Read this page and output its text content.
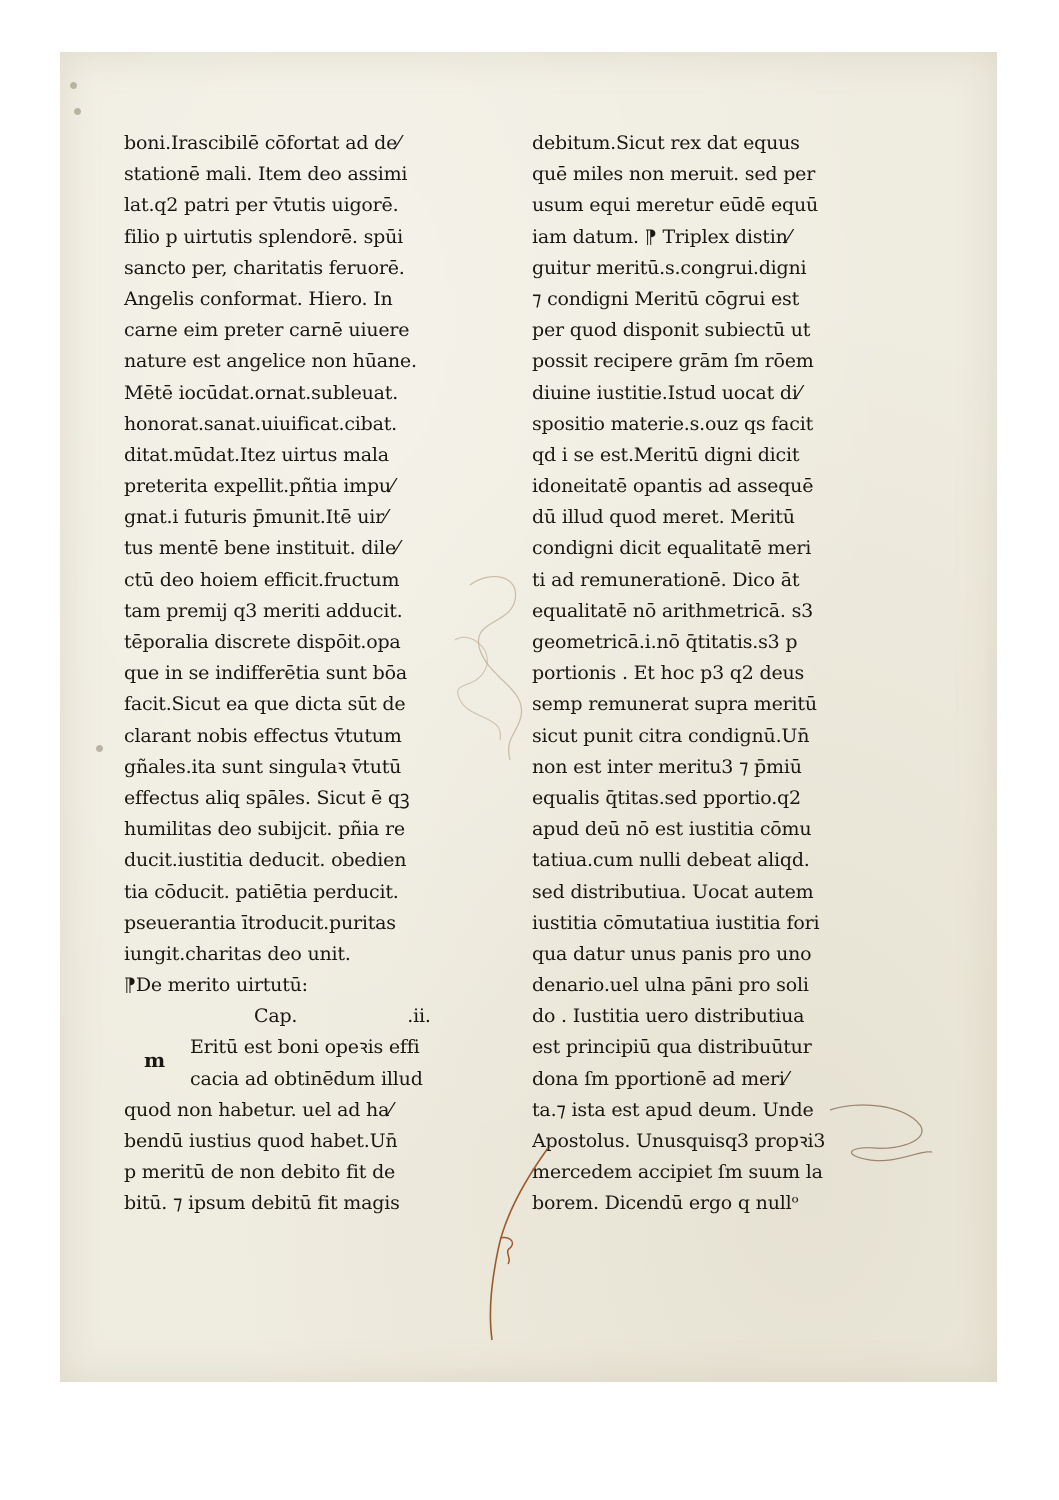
boni.Irascibilē cōfortat ad de⁄
stationē mali. Item deo assimi
lat.q2 patri per v̄tutis uigorē.
filio p uirtutis splendorē. spūi
sancto per, charitatis feruorē.
Angelis conformat. Hiero. In
carne eim preter carnē uiuere
nature est angelice non hūane.
Mētē iocūdat.ornat.subleuat.
honorat.sanat.uiuificat.cibat.
ditat.mūdat.Itez uirtus mala
preterita expellit.pñtia impu⁄
gnat.i futuris p̄munit.Itē uir⁄
tus mentē bene instituit. dile⁄
ctū deo hoiem efficit.fructum
tam premij q3 meriti adducit.
tēporalia discrete dispōit.opa
que in se indifferētia sunt bōa
facit.Sicut ea que dicta sūt de
clarant nobis effectus v̄tutum
gñales.ita sunt singulaꝛ v̄tutū
effectus aliq spāles. Sicut ē qꝫ
humilitas deo subijcit. pñia re
ducit.iustitia deducit. obedien
tia cōducit. patiētia perducit.
pseuerantia ītroducit.puritas
iungit.charitas deo unit.
⁋De merito uirtutū:
Cap.	.ii.
Eritū est boni opeꝛis effi
cacia ad obtinēdum illud
quod non habetur. uel ad ha⁄
bendū iustius quod habet.Un̄
p meritū de non debito fit de
bitū. ⁊ ipsum debitū fit magis
m
debitum.Sicut rex dat equus
quē miles non meruit. sed per
usum equi meretur eūdē equū
iam datum. ⁋ Triplex distin⁄
guitur meritū.s.congrui.digni
⁊ condigni Meritū cōgrui est
per quod disponit subiectū ut
possit recipere grām ſm rōem
diuine iustitie.Istud uocat di⁄
spositio materie.s.ouz qs facit
qd i se est.Meritū digni dicit
idoneitatē opantis ad assequē
dū illud quod meret. Meritū
condigni dicit equalitatē meri
ti ad remunerationē. Dico āt
equalitatē nō arithmetricā. s3
geometricā.i.nō q̄titatis.s3 p
portionis . Et hoc p3 q2 deus
semp remunerat supra meritū
sicut punit citra condignū.Un̄
non est inter meritu3 ⁊ p̄miū
equalis q̄titas.sed pportio.q2
apud deū nō est iustitia cōmu
tatiua.cum nulli debeat aliqd.
sed distributiua. Uocat autem
iustitia cōmutatiua iustitia fori
qua datur unus panis pro uno
denario.uel ulna pāni pro soli
do . Iustitia uero distributiua
est principiū qua distribuūtur
dona ſm pportionē ad meri⁄
ta.⁊ ista est apud deum. Unde
Apostolus. Unusquisq3 propꝛi3
mercedem accipiet ſm suum la
borem. Dicendū ergo q nullᵒ
